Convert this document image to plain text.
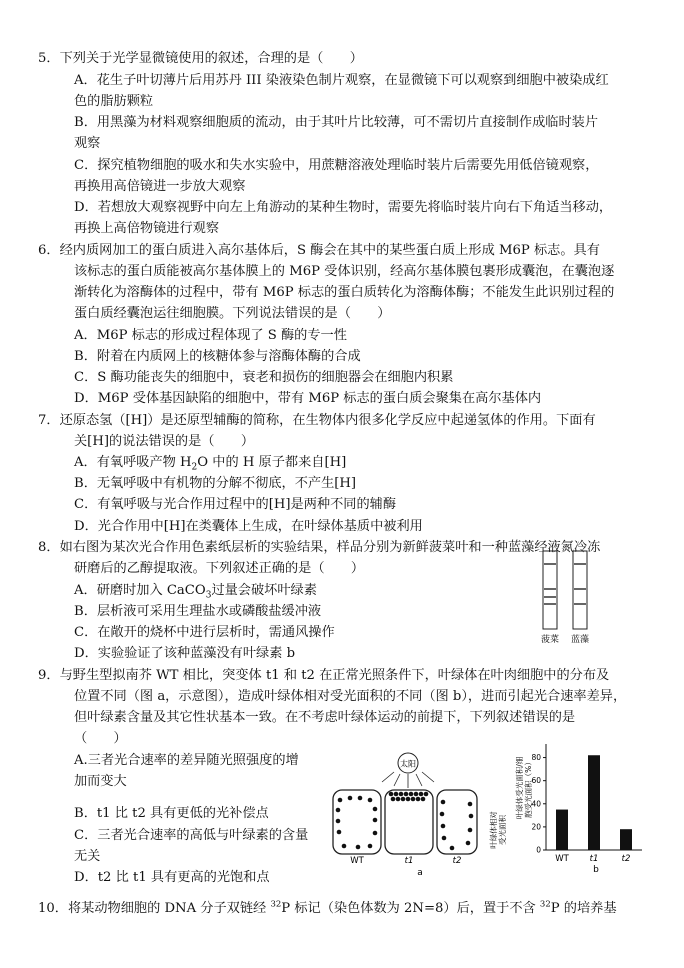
5．下列关于光学显微镜使用的叙述，合理的是（　　）
A．花生子叶切薄片后用苏丹 III 染液染色制片观察，在显微镜下可以观察到细胞中被染成红
色的脂肪颗粒
B．用黑藻为材料观察细胞质的流动，由于其叶片比较薄，可不需切片直接制作成临时装片
观察
C．探究植物细胞的吸水和失水实验中，用蔗糖溶液处理临时装片后需要先用低倍镜观察，
再换用高倍镜进一步放大观察
D．若想放大观察视野中向左上角游动的某种生物时，需要先将临时装片向右下角适当移动，
再换上高倍物镜进行观察
6．经内质网加工的蛋白质进入高尔基体后，S 酶会在其中的某些蛋白质上形成 M6P 标志。具有
该标志的蛋白质能被高尔基体膜上的 M6P 受体识别，经高尔基体膜包裹形成囊泡，在囊泡逐
渐转化为溶酶体的过程中，带有 M6P 标志的蛋白质转化为溶酶体酶；不能发生此识别过程的
蛋白质经囊泡运往细胞膜。下列说法错误的是（　　）
A．M6P 标志的形成过程体现了 S 酶的专一性
B．附着在内质网上的核糖体参与溶酶体酶的合成
C．S 酶功能丧失的细胞中，衰老和损伤的细胞器会在细胞内积累
D．M6P 受体基因缺陷的细胞中，带有 M6P 标志的蛋白质会聚集在高尔基体内
7．还原态氢（[H]）是还原型辅酶的简称，在生物体内很多化学反应中起递氢体的作用。下面有
关[H]的说法错误的是（　　）
A．有氧呼吸产物 $H_2O$ 中的 H 原子都来自[H]
B．无氧呼吸中有机物的分解不彻底，不产生[H]
C．有氧呼吸与光合作用过程中的[H]是两种不同的辅酶
D．光合作用中[H]在类囊体上生成，在叶绿体基质中被利用
8．如右图为某次光合作用色素纸层析的实验结果，样品分别为新鲜菠菜叶和一种蓝藻经液氮冷冻
研磨后的乙醇提取液。下列叙述正确的是（　　）
A．研磨时加入 CaCO$_3$过量会破坏叶绿素
B．层析液可采用生理盐水或磷酸盐缓冲液
C．在敞开的烧杯中进行层析时，需通风操作
D．实验验证了该种蓝藻没有叶绿素 b
菠菜 蓝藻
9．与野生型拟南芥 WT 相比，突变体 t1 和 t2 在正常光照条件下，叶绿体在叶肉细胞中的分布及
位置不同（图 a，示意图），造成叶绿体相对受光面积的不同（图 b），进而引起光合速率差异，
但叶绿素含量及其它性状基本一致。在不考虑叶绿体运动的前提下，下列叙述错误的是
（　　）
A.三者光合速率的差异随光照强度的增
加而变大
B．t1 比 t2 具有更低的光补偿点
C．三者光合速率的高低与叶绿素的含量
无关
D．t2 比 t1 具有更高的光饱和点
太阳
WT	t1	t2
a
叶绿体受光面积/细 胞受光面积（%）
叶绿体相对 受光面积
0
20
40
60
80
WT t1	t2
b
10．将某动物细胞的 DNA 分子双链经 $^{32}$P 标记（染色体数为 2N=8）后，置于不含 $^{32}$P 的培养基
